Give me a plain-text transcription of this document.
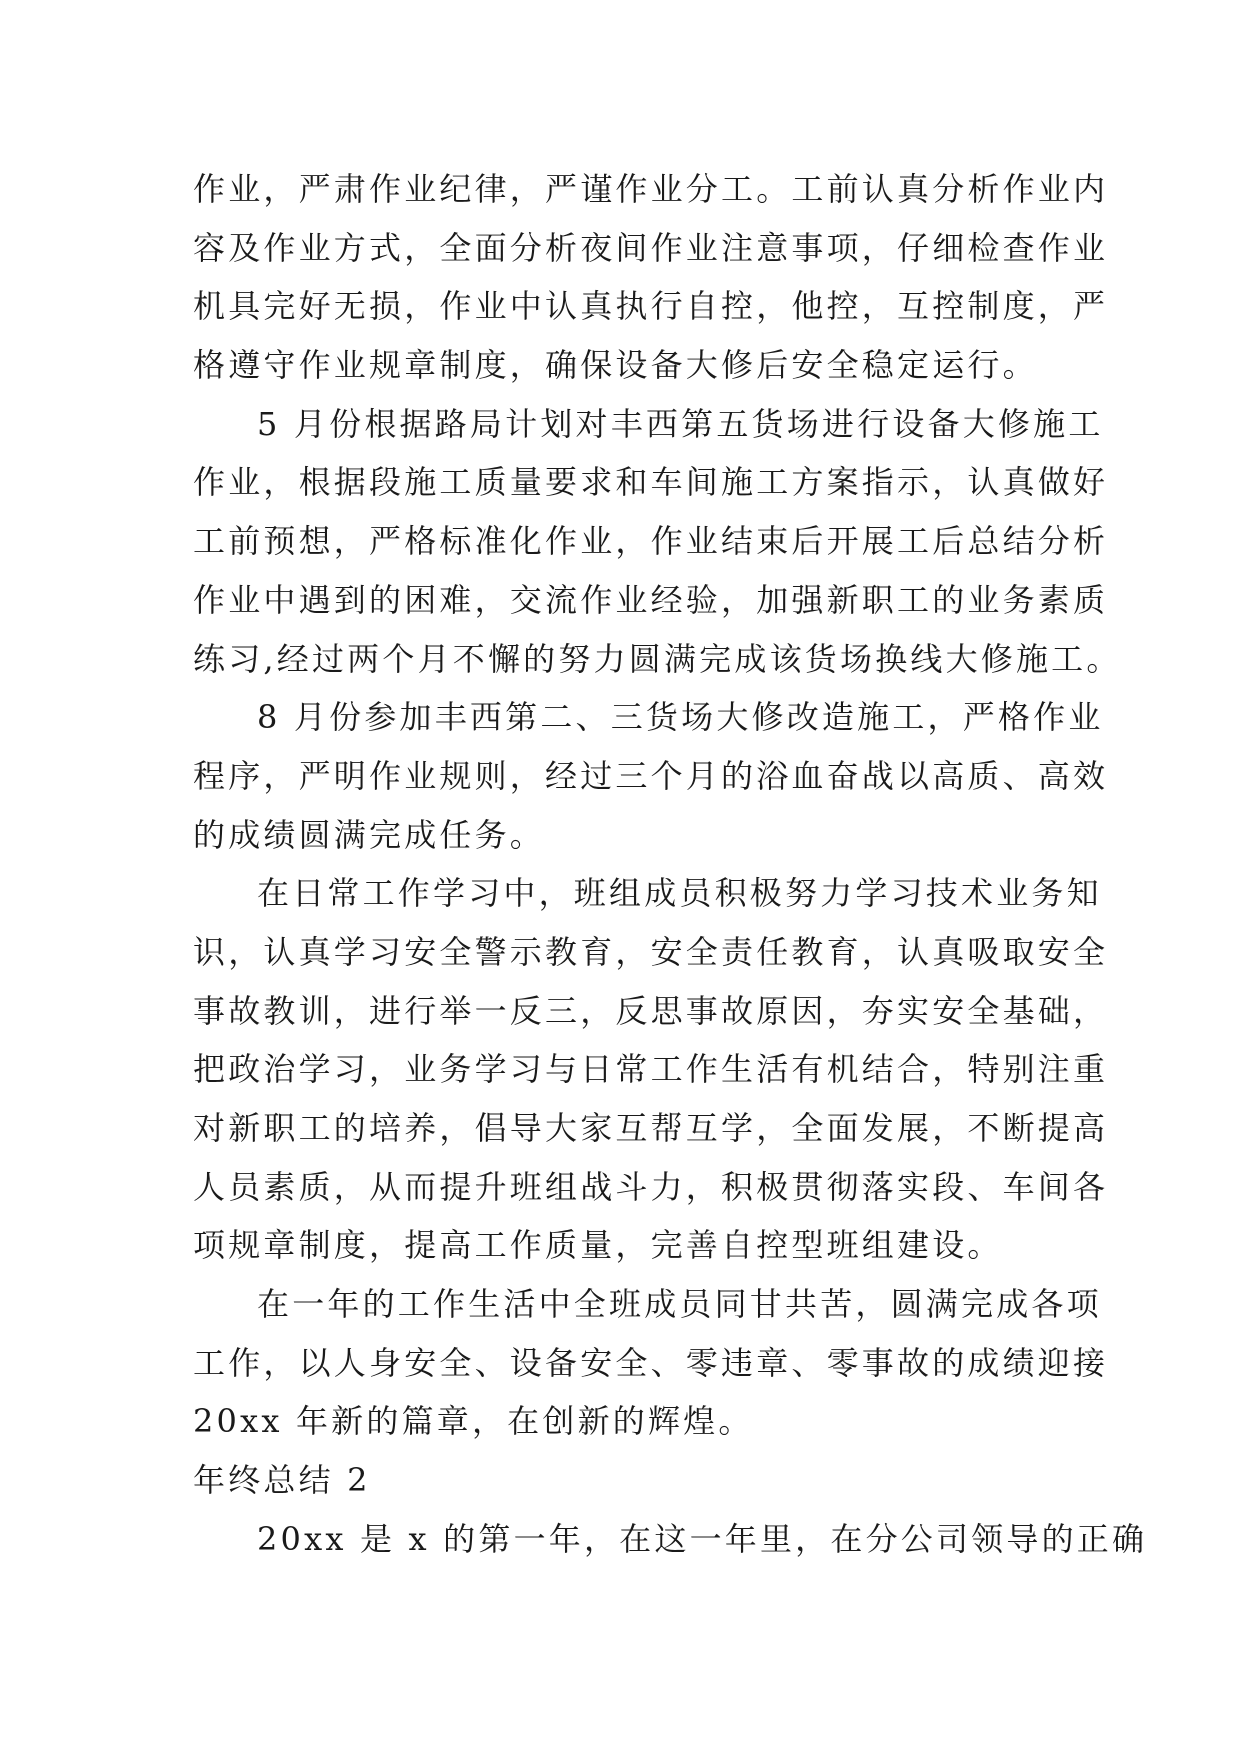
作业，严肃作业纪律，严谨作业分工。工前认真分析作业内
容及作业方式，全面分析夜间作业注意事项，仔细检查作业
机具完好无损，作业中认真执行自控，他控，互控制度，严
格遵守作业规章制度，确保设备大修后安全稳定运行。
5 月份根据路局计划对丰西第五货场进行设备大修施工
作业，根据段施工质量要求和车间施工方案指示，认真做好
工前预想，严格标准化作业，作业结束后开展工后总结分析
作业中遇到的困难，交流作业经验，加强新职工的业务素质
练习,经过两个月不懈的努力圆满完成该货场换线大修施工。
8 月份参加丰西第二、三货场大修改造施工，严格作业
程序，严明作业规则，经过三个月的浴血奋战以高质、高效
的成绩圆满完成任务。
在日常工作学习中，班组成员积极努力学习技术业务知
识，认真学习安全警示教育，安全责任教育，认真吸取安全
事故教训，进行举一反三，反思事故原因，夯实安全基础，
把政治学习，业务学习与日常工作生活有机结合，特别注重
对新职工的培养，倡导大家互帮互学，全面发展，不断提高
人员素质，从而提升班组战斗力，积极贯彻落实段、车间各
项规章制度，提高工作质量，完善自控型班组建设。
在一年的工作生活中全班成员同甘共苦，圆满完成各项
工作，以人身安全、设备安全、零违章、零事故的成绩迎接
20xx 年新的篇章，在创新的辉煌。
年终总结 2
20xx 是 x 的第一年，在这一年里，在分公司领导的正确
